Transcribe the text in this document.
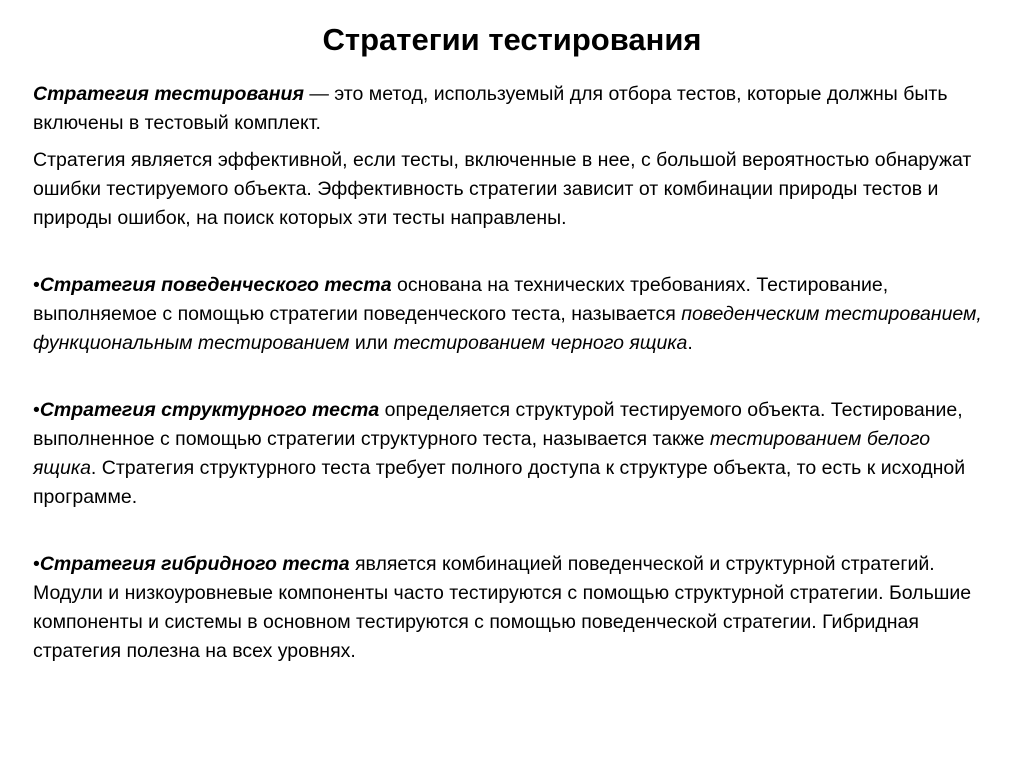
Стратегии тестирования

Стратегия тестирования — это метод, используемый для отбора тестов, которые должны быть включены в тестовый комплект.

Стратегия является эффективной, если тесты, включенные в нее, с большой вероятностью обнаружат ошибки тестируемого объекта. Эффективность стратегии зависит от комбинации природы тестов и природы ошибок, на поиск которых эти тесты направлены.

•Стратегия поведенческого теста основана на технических требованиях. Тестирование, выполняемое с помощью стратегии поведенческого теста, называется поведенческим тестированием, функциональным тестированием или тестированием черного ящика.

•Стратегия структурного теста определяется структурой тестируемого объекта. Тестирование, выполненное с помощью стратегии структурного теста, называется также тестированием белого ящика. Стратегия структурного теста требует полного доступа к структуре объекта, то есть к исходной программе.

•Стратегия гибридного теста является комбинацией поведенческой и структурной стратегий. Модули и низкоуровневые компоненты часто тестируются с помощью структурной стратегии. Большие компоненты и системы в основном тестируются с помощью поведенческой стратегии. Гибридная стратегия полезна на всех уровнях.
